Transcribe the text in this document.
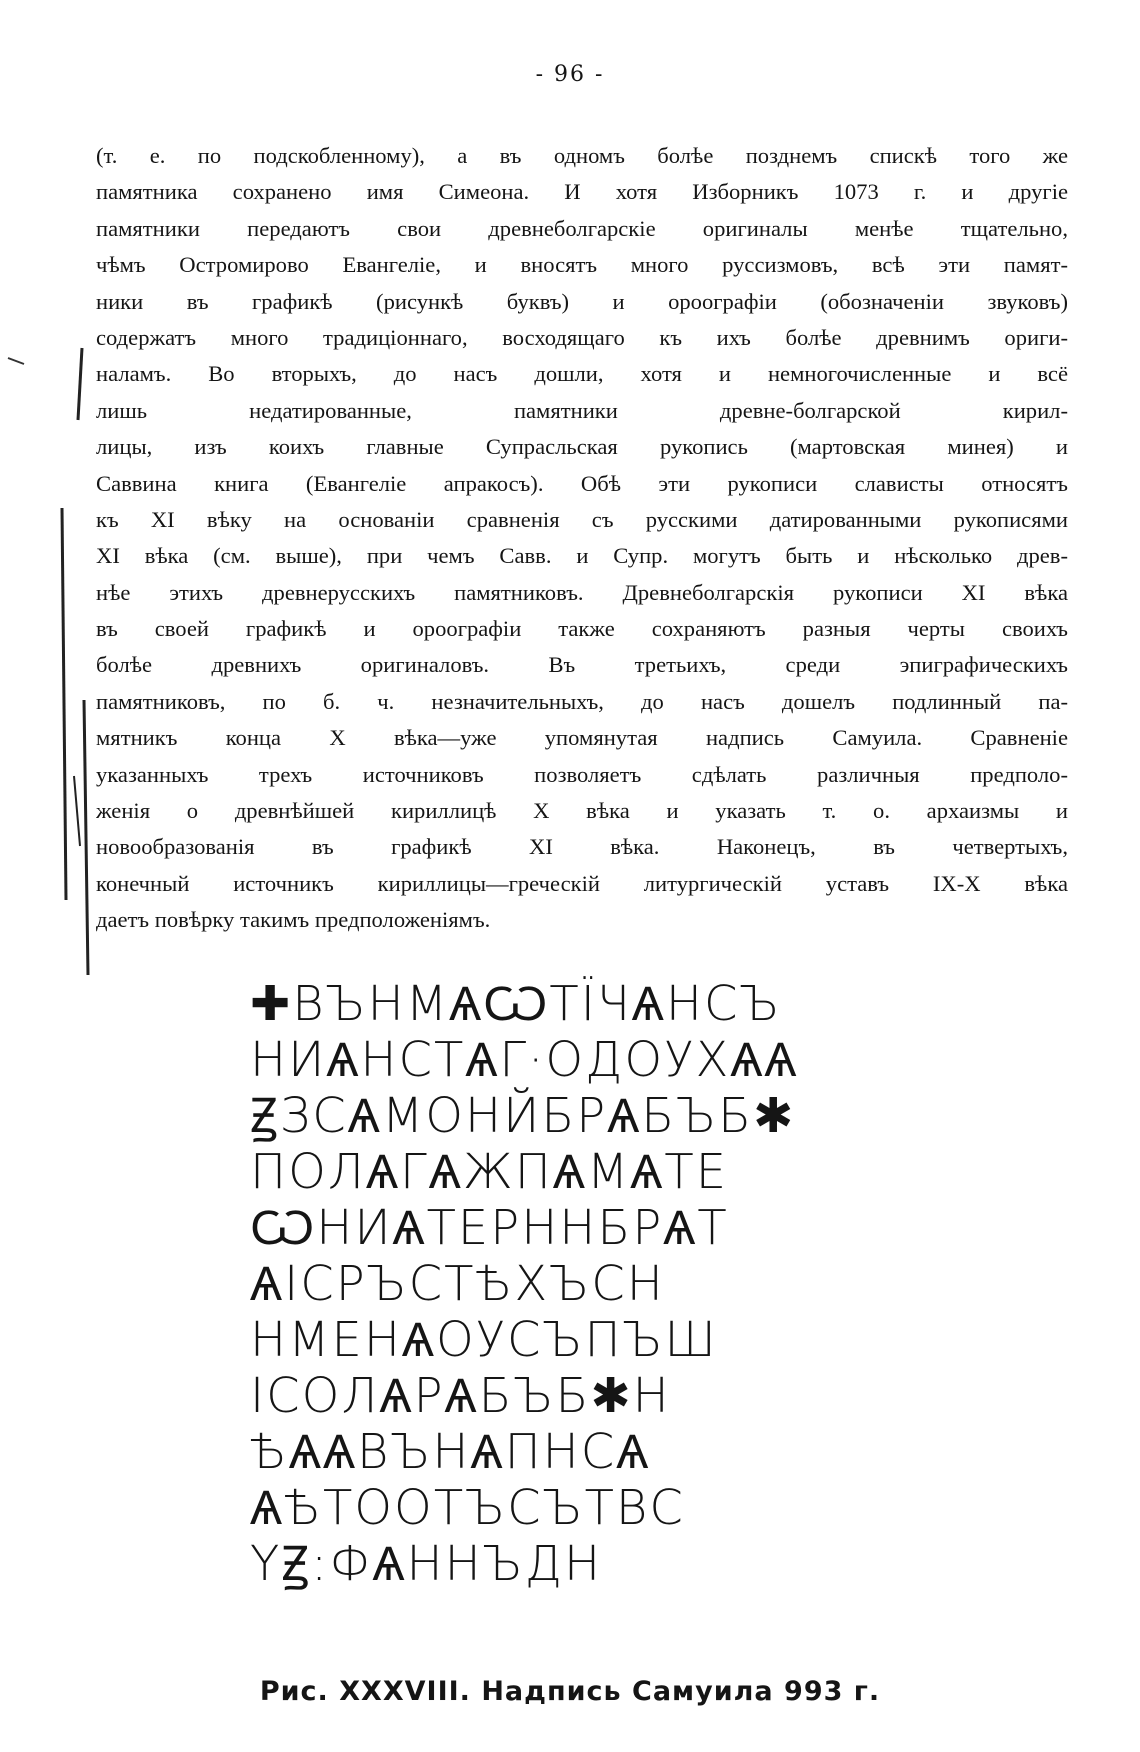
- 96 -
(т. е. по подскобленному), а въ одномъ болѣе позднемъ спискѣ того же
памятника сохранено имя Симеона. И хотя Изборникъ 1073 г. и другіе
памятники передаютъ свои древнеболгарскіе оригиналы менѣе тщательно,
чѣмъ Остромирово Евангеліе, и вносятъ много руссизмовъ, всѣ эти памят-
ники въ графикѣ (рисункѣ буквъ) и ороографіи (обозначеніи звуковъ)
содержатъ много традиціоннаго, восходящаго къ ихъ болѣе древнимъ ориги-
наламъ. Во вторыхъ, до насъ дошли, хотя и немногочисленные и всё
лишь недатированные, памятники древне-болгарской кирил-
лицы, изъ коихъ главные Супрасльская рукопись (мартовская минея) и
Саввина книга (Евангеліе апракосъ). Обѣ эти рукописи слависты относятъ
къ XI вѣку на основаніи сравненія съ русскими датированными рукописями
XI вѣка (см. выше), при чемъ Савв. и Супр. могутъ быть и нѣсколько древ-
нѣе этихъ древнерусскихъ памятниковъ. Древнеболгарскія рукописи XI вѣка
въ своей графикѣ и ороографіи также сохраняютъ разныя черты своихъ
болѣе древнихъ оригиналовъ. Въ третьихъ, среди эпиграфическихъ
памятниковъ, по б. ч. незначительныхъ, до насъ дошелъ подлинный па-
мятникъ конца X вѣка—уже упомянутая надпись Самуила. Сравненіе
указанныхъ трехъ источниковъ позволяетъ сдѣлать различныя предполо-
женія о древнѣйшей кириллицѣ X вѣка и указать т. о. архаизмы и
новообразованія въ графикѣ XI вѣка. Наконецъ, въ четвертыхъ,
конечный источникъ кириллицы—греческій литургическій уставъ IX-X вѣка
даетъ повѣрку такимъ предположеніямъ.
✚ВЪНМѦѠТЇЧѦНСЪ
НИѦНСТѦГ·ОДОУХѦѦ
ꙂЗСѦМОНЙБРѦБЪБ✱
ПОЛѦГѦЖПѦМѦТЕ
ѠНИѦТЕРННБРѦТ
ѦІСРЪСТѢХЪСН
НМЕНѦОУСЪПЪШ
ІСОЛѦРѦБЪБ✱Н
ѢѦѦВЪНѦПНСѦ
ѦѢТООТЪСЪТВС
ΥꙂ:ФѦННЪДН
Рис. XXXVIII. Надпись Самуила 993 г.
